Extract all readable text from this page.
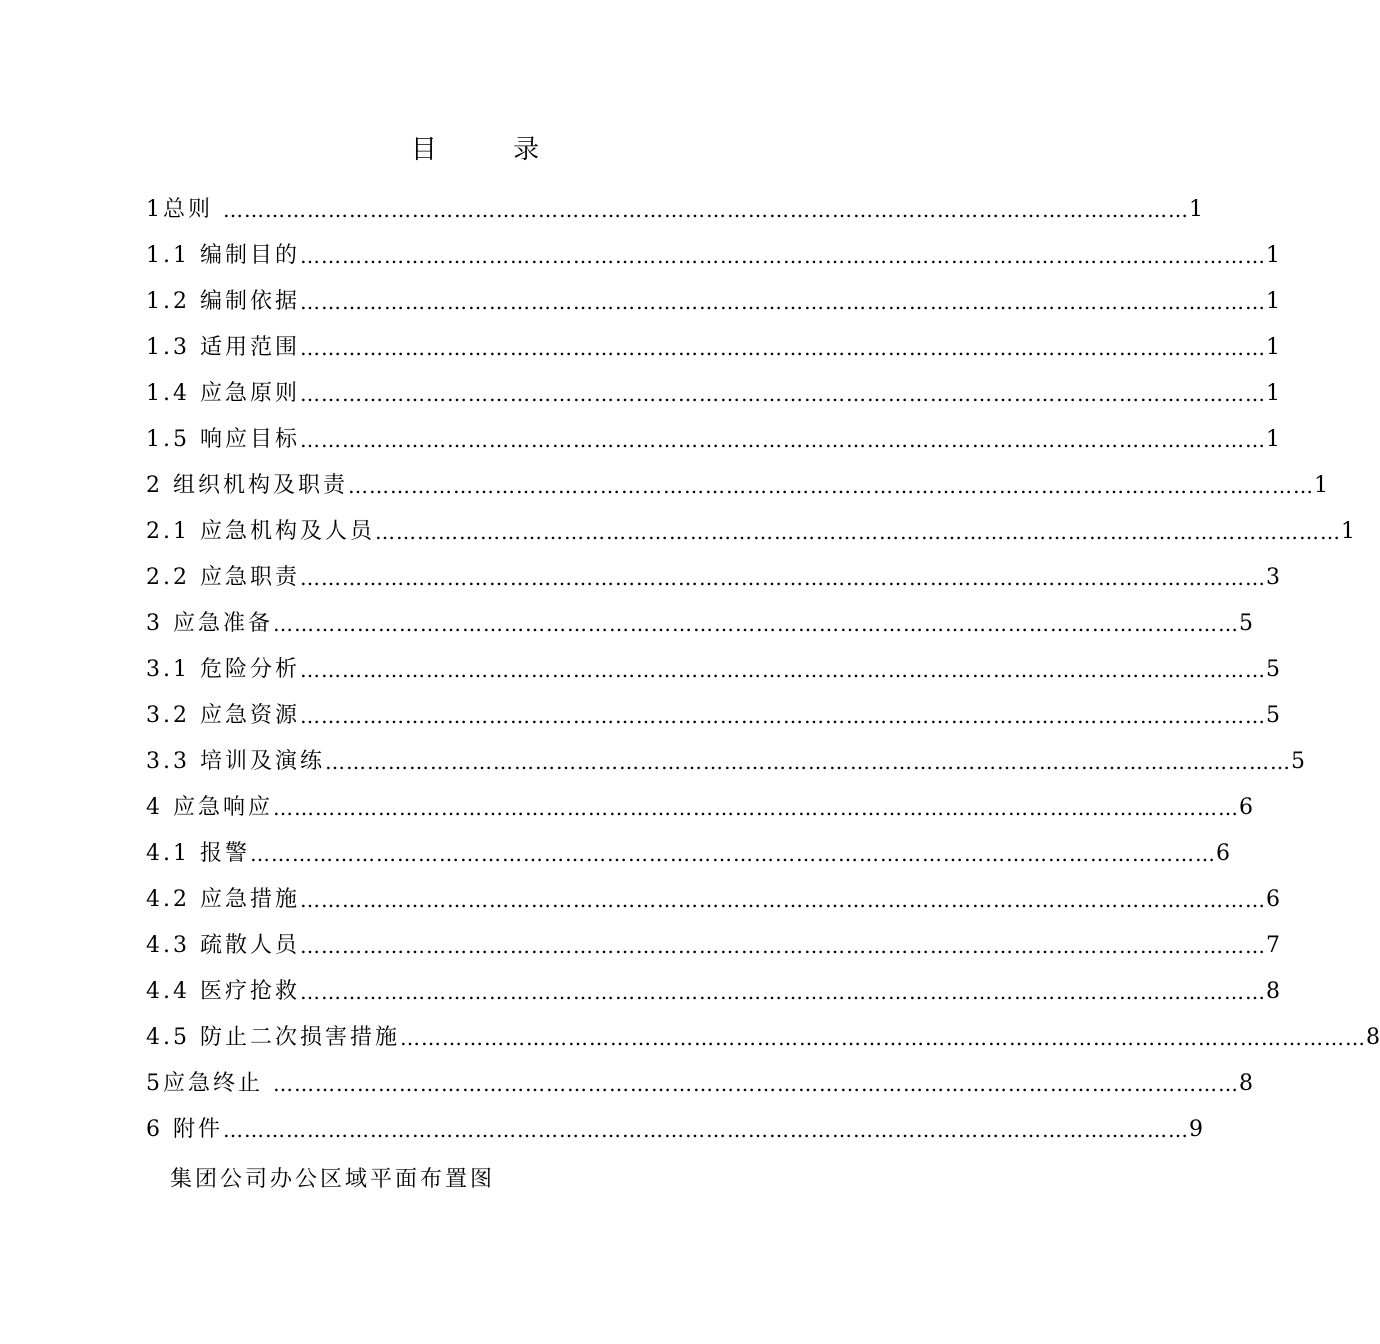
目 录
1总则 ………………………………………………………………………………………………………………………… 1
1.1 编制目的 ………………………………………………………………………………………………………………………… 1
1.2 编制依据 ………………………………………………………………………………………………………………………… 1
1.3 适用范围 ………………………………………………………………………………………………………………………… 1
1.4 应急原则 ………………………………………………………………………………………………………………………… 1
1.5 响应目标 ………………………………………………………………………………………………………………………… 1
2 组织机构及职责 ………………………………………………………………………………………………………………………… 1
2.1 应急机构及人员 ………………………………………………………………………………………………………………………… 1
2.2 应急职责 ………………………………………………………………………………………………………………………… 3
3 应急准备 ………………………………………………………………………………………………………………………… 5
3.1 危险分析 ………………………………………………………………………………………………………………………… 5
3.2 应急资源 ………………………………………………………………………………………………………………………… 5
3.3 培训及演练 ………………………………………………………………………………………………………………………… 5
4 应急响应 ………………………………………………………………………………………………………………………… 6
4.1 报警 ………………………………………………………………………………………………………………………… 6
4.2 应急措施 ………………………………………………………………………………………………………………………… 6
4.3 疏散人员 ………………………………………………………………………………………………………………………… 7
4.4 医疗抢救 ………………………………………………………………………………………………………………………… 8
4.5 防止二次损害措施 ………………………………………………………………………………………………………………………… 8
5应急终止 ………………………………………………………………………………………………………………………… 8
6 附件 ………………………………………………………………………………………………………………………… 9
集团公司办公区域平面布置图
